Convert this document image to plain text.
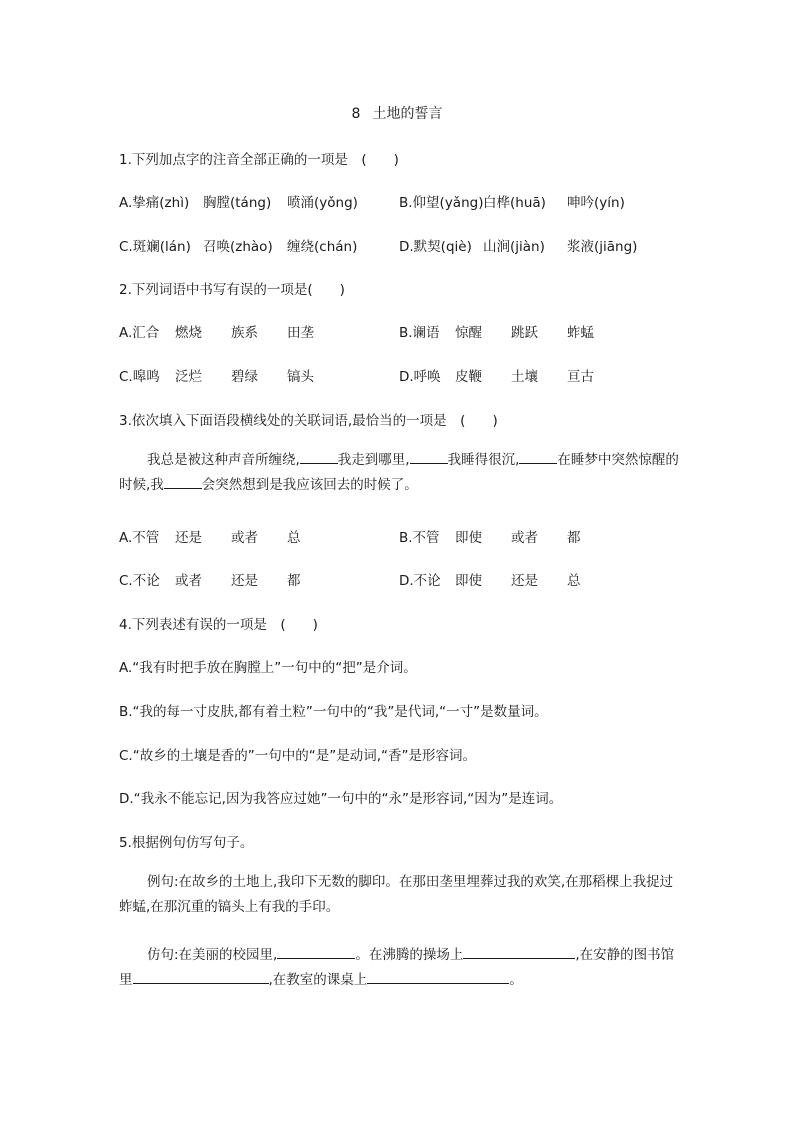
8 土地的誓言
1.下列加点字的注音全部正确的一项是　(　　)
A.挚痛(zhì) 胸膛(táng) 喷涌(yǒng)	B.仰望(yǎng) 白桦(huā) 呻吟(yín)
C.斑斓(lán) 召唤(zhào) 缠绕(chán)	D.默契(qiè) 山涧(jiàn) 浆液(jiāng)
2.下列词语中书写有误的一项是(　　)
A.汇合 燃烧 族系 田垄	B.谰语 惊醒 跳跃 蚱蜢
C.嗥鸣 泛烂 碧绿 镐头	D.呼唤 皮鞭 土壤 亘古
3.依次填入下面语段横线处的关联词语,最恰当的一项是　(　　)
我总是被这种声音所缠绕,	我走到哪里,	我睡得很沉,	在睡梦中突然惊醒的时候,我	会突然想到是我应该回去的时候了。
A.不管 还是 或者 总	B.不管 即使 或者 都
C.不论 或者 还是 都	D.不论 即使 还是 总
4.下列表述有误的一项是　(　　)
A.“我有时把手放在胸膛上”一句中的“把”是介词。
B.“我的每一寸皮肤,都有着土粒”一句中的“我”是代词,“一寸”是数量词。
C.“故乡的土壤是香的”一句中的“是”是动词,“香”是形容词。
D.“我永不能忘记,因为我答应过她”一句中的“永”是形容词,“因为”是连词。
5.根据例句仿写句子。
例句:在故乡的土地上,我印下无数的脚印。在那田垄里埋葬过我的欢笑,在那稻棵上我捉过蚱蜢,在那沉重的镐头上有我的手印。
仿句:在美丽的校园里,	。在沸腾的操场上	,在安静的图书馆里	,在教室的课桌上	。
